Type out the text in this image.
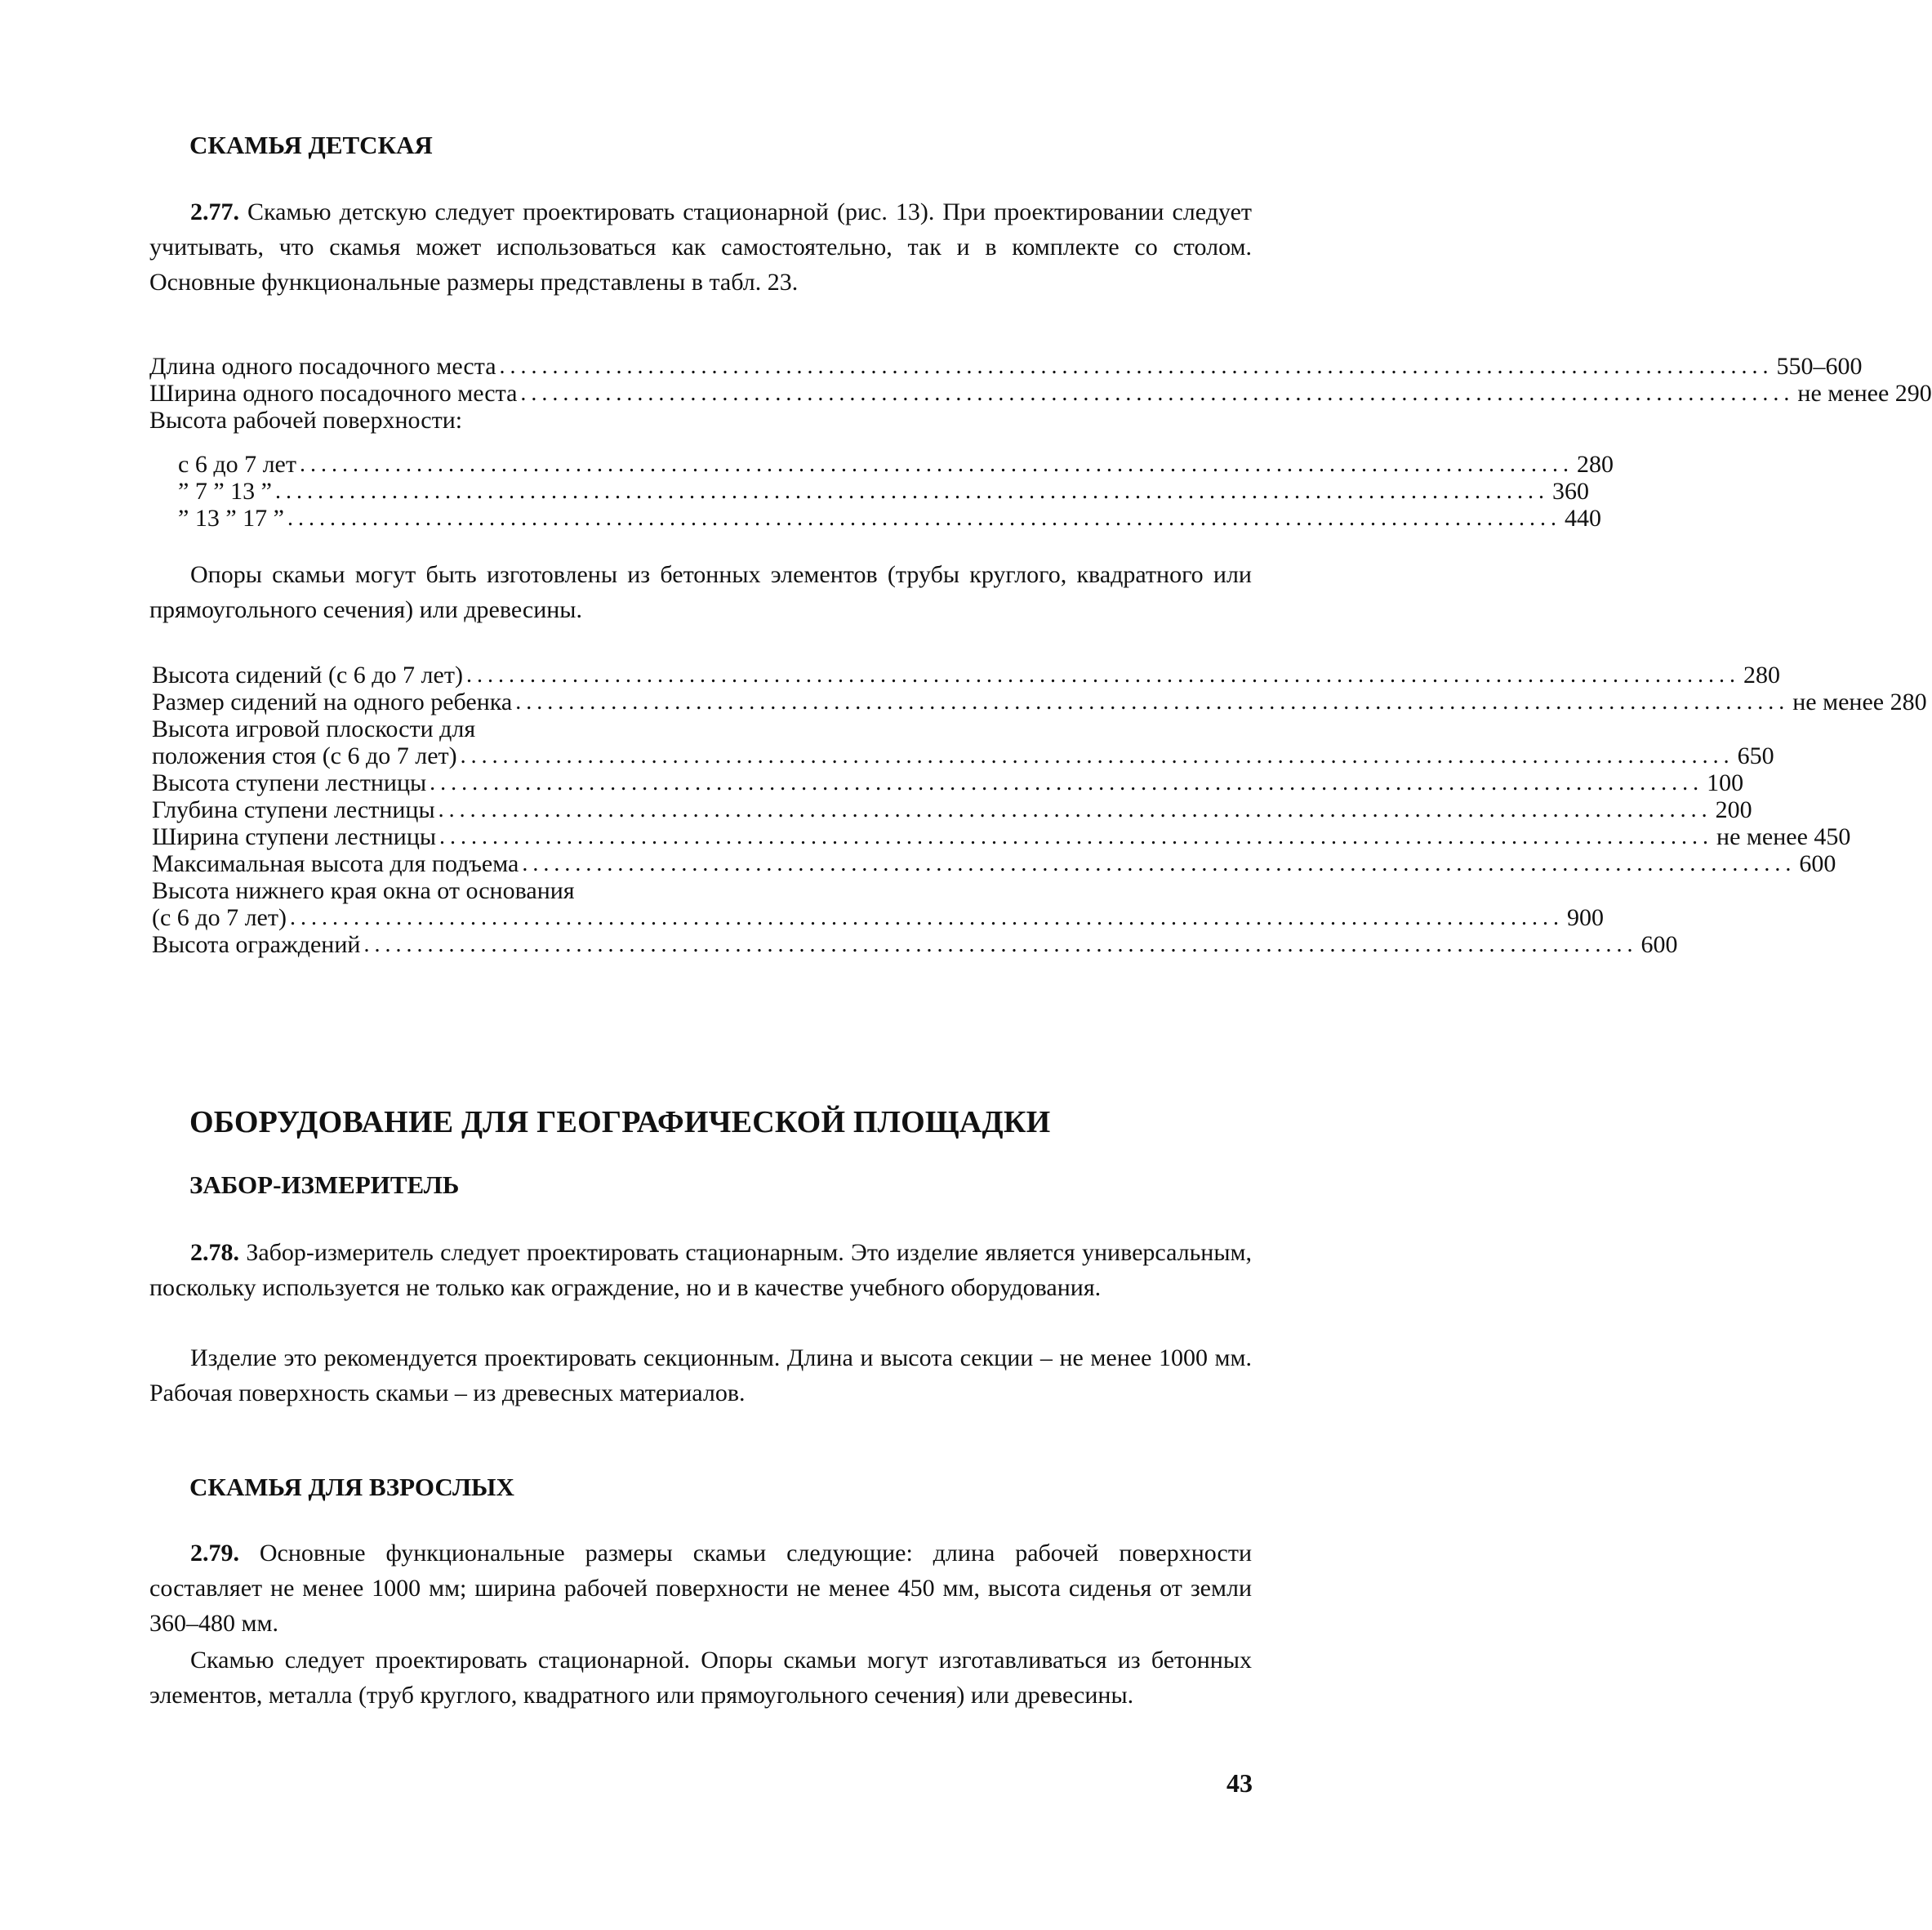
СКАМЬЯ ДЕТСКАЯ
2.77. Скамью детскую следует проектировать стационарной (рис. 13). При проектировании следует учитывать, что скамья может использоваться как самостоятельно, так и в комплекте со столом. Основные функциональные размеры представлены в табл. 23.
Длина одного посадочного места ........................................................................................................................ 550–600
Ширина одного посадочного места ........................................................................................................................ не менее 290
Высота рабочей поверхности:
с 6 до 7 лет ........................................................................................................................ 280
” 7 ” 13 ” ........................................................................................................................ 360
” 13 ” 17 ” ........................................................................................................................ 440
Опоры скамьи могут быть изготовлены из бетонных элементов (трубы круглого, квадратного или прямоугольного сечения) или древесины.
Высота сидений (с 6 до 7 лет) ........................................................................................................................ 280
Размер сидений на одного ребенка ........................................................................................................................ не менее 280
Высота игровой плоскости для
положения стоя (с 6 до 7 лет) ........................................................................................................................ 650
Высота ступени лестницы ........................................................................................................................ 100
Глубина ступени лестницы ........................................................................................................................ 200
Ширина ступени лестницы ........................................................................................................................ не менее 450
Максимальная высота для подъема ........................................................................................................................ 600
Высота нижнего края окна от основания
(с 6 до 7 лет) ........................................................................................................................ 900
Высота ограждений ........................................................................................................................ 600
ОБОРУДОВАНИЕ ДЛЯ ГЕОГРАФИЧЕСКОЙ ПЛОЩАДКИ
ЗАБОР-ИЗМЕРИТЕЛЬ
2.78. Забор-измеритель следует проектировать стационарным. Это изделие является универсальным, поскольку используется не только как ограждение, но и в качестве учебного оборудования.
Изделие это рекомендуется проектировать секционным. Длина и высота секции – не менее 1000 мм. Рабочая поверхность скамьи – из древесных материалов.
СКАМЬЯ ДЛЯ ВЗРОСЛЫХ
2.79. Основные функциональные размеры скамьи следующие: длина рабочей поверхности составляет не менее 1000 мм; ширина рабочей поверхности не менее 450 мм, высота сиденья от земли 360–480 мм.
Скамью следует проектировать стационарной. Опоры скамьи могут изготавливаться из бетонных элементов, металла (труб круглого, квадратного или прямоугольного сечения) или древесины.
43
